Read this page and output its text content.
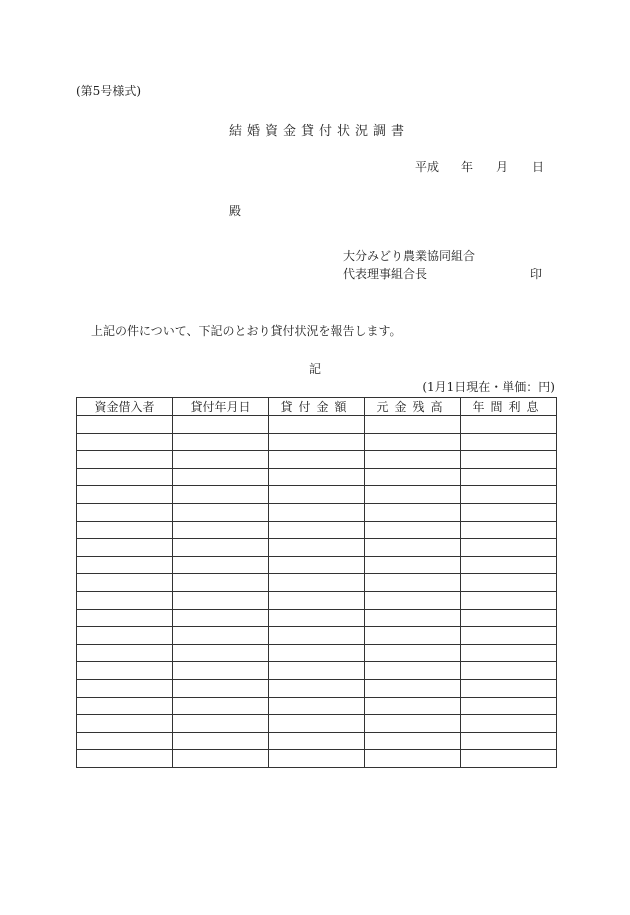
(第5号様式)
結婚資金貸付状況調書
平成 年 月 日
殿
大分みどり農業協同組合
代表理事組合長	印
上記の件について、下記のとおり貸付状況を報告します。
記
(1月1日現在・単価：円)
資金借入者	貸付年月日	貸付金額	元金残高	年間利息
